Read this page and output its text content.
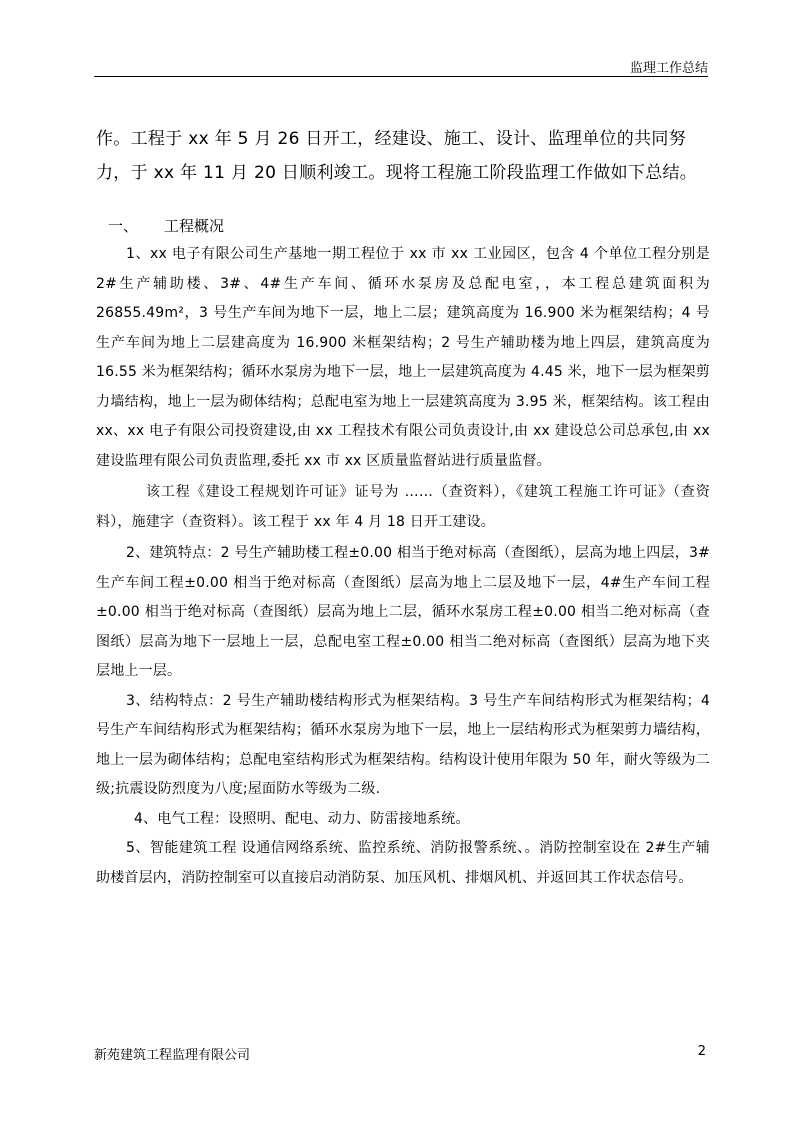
监理工作总结

作。工程于 xx 年 5 月 26 日开工，经建设、施工、设计、监理单位的共同努力，于 xx 年 11 月 20 日顺利竣工。现将工程施工阶段监理工作做如下总结。

一、 工程概况

1、xx 电子有限公司生产基地一期工程位于 xx 市 xx 工业园区，包含 4 个单位工程分别是 2#生产辅助楼、3#、4#生产车间、循环水泵房及总配电室，，本工程总建筑面积为 26855.49m²，3 号生产车间为地下一层，地上二层；建筑高度为 16.900 米为框架结构；4 号生产车间为地上二层建高度为 16.900 米框架结构；2 号生产辅助楼为地上四层，建筑高度为 16.55 米为框架结构；循环水泵房为地下一层，地上一层建筑高度为 4.45 米，地下一层为框架剪力墙结构，地上一层为砌体结构；总配电室为地上一层建筑高度为 3.95 米，框架结构。该工程由 xx、xx 电子有限公司投资建设,由 xx 工程技术有限公司负责设计,由 xx 建设总公司总承包,由 xx 建设监理有限公司负责监理,委托 xx 市 xx 区质量监督站进行质量监督。

该工程《建设工程规划许可证》证号为 ……（查资料），《建筑工程施工许可证》（查资料），施建字（查资料）。该工程于 xx 年 4 月 18 日开工建设。

2、建筑特点：2 号生产辅助楼工程±0.00 相当于绝对标高（查图纸），层高为地上四层，3#生产车间工程±0.00 相当于绝对标高（查图纸）层高为地上二层及地下一层，4#生产车间工程±0.00 相当于绝对标高（查图纸）层高为地上二层，循环水泵房工程±0.00 相当二绝对标高（查图纸）层高为地下一层地上一层，总配电室工程±0.00 相当二绝对标高（查图纸）层高为地下夹层地上一层。

3、结构特点：2 号生产辅助楼结构形式为框架结构。3 号生产车间结构形式为框架结构；4 号生产车间结构形式为框架结构；循环水泵房为地下一层，地上一层结构形式为框架剪力墙结构，地上一层为砌体结构；总配电室结构形式为框架结构。结构设计使用年限为 50 年，耐火等级为二级;抗震设防烈度为八度;屋面防水等级为二级.

4、电气工程：设照明、配电、动力、防雷接地系统。

5、智能建筑工程 设通信网络系统、监控系统、消防报警系统、。消防控制室设在 2#生产辅助楼首层内，消防控制室可以直接启动消防泵、加压风机、排烟风机、并返回其工作状态信号。

新苑建筑工程监理有限公司	2
